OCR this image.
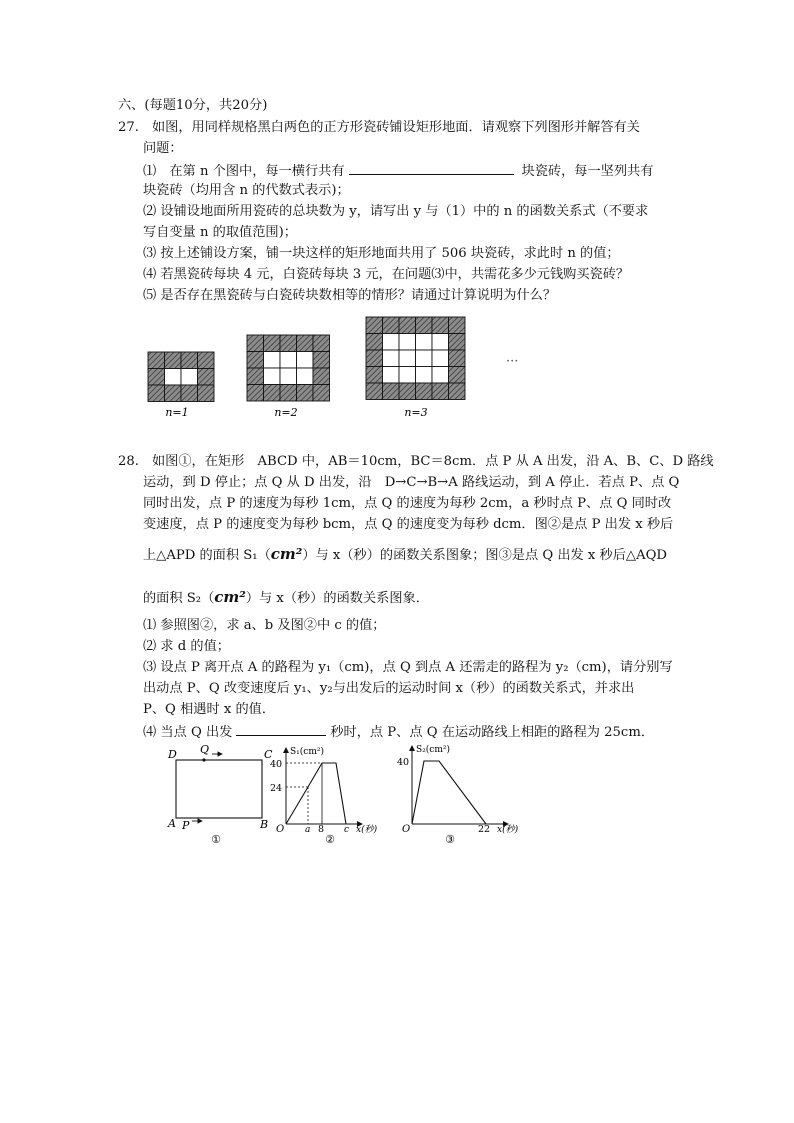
六、(每题10分，共20分)
27. 如图，用同样规格黑白两色的正方形瓷砖铺设矩形地面．请观察下列图形并解答有关
问题：
⑴　在第 n 个图中，每一横行共有	块瓷砖，每一坚列共有
块瓷砖（均用含 n 的代数式表示)；
⑵ 设铺设地面所用瓷砖的总块数为 y，请写出 y 与（1）中的 n 的函数关系式（不要求
写自变量 n 的取值范围)；
⑶ 按上述铺设方案，铺一块这样的矩形地面共用了 506 块瓷砖，求此时 n 的值；
⑷ 若黑瓷砖每块 4 元，白瓷砖每块 3 元，在问题⑶中，共需花多少元钱购买瓷砖？
⑸ 是否存在黑瓷砖与白瓷砖块数相等的情形？请通过计算说明为什么？
n=1	n=2	n=3
···
28. 如图①，在矩形　ABCD 中，AB＝10cm，BC＝8cm．点 P 从 A 出发，沿 A、B、C、D 路线
运动，到 D 停止；点 Q 从 D 出发，沿　D→C→B→A 路线运动，到 A 停止．若点 P、点 Q
同时出发，点 P 的速度为每秒 1cm，点 Q 的速度为每秒 2cm，a 秒时点 P、点 Q 同时改
变速度，点 P 的速度变为每秒 bcm，点 Q 的速度变为每秒 dcm．图②是点 P 出发 x 秒后
上△APD 的面积 S₁（cm²）与 x（秒）的函数关系图象；图③是点 Q 出发 x 秒后△AQD
的面积 S₂（cm²）与 x（秒）的函数关系图象．
⑴ 参照图②，求 a、b 及图②中 c 的值；
⑵ 求 d 的值；
⑶ 设点 P 离开点 A 的路程为 y₁（cm)，点 Q 到点 A 还需走的路程为 y₂（cm)，请分别写
出动点 P、Q 改变速度后 y₁、y₂与出发后的运动时间 x（秒）的函数关系式，并求出
P、Q 相遇时 x 的值．
⑷ 当点 Q 出发	秒时，点 P、点 Q 在运动路线上相距的路程为 25cm．
D Q	C
A P	B
①
S₁(cm²)
40
24
O a 8 c x(秒)
②
S₂(cm²)
40
O	22 x(秒)
③
